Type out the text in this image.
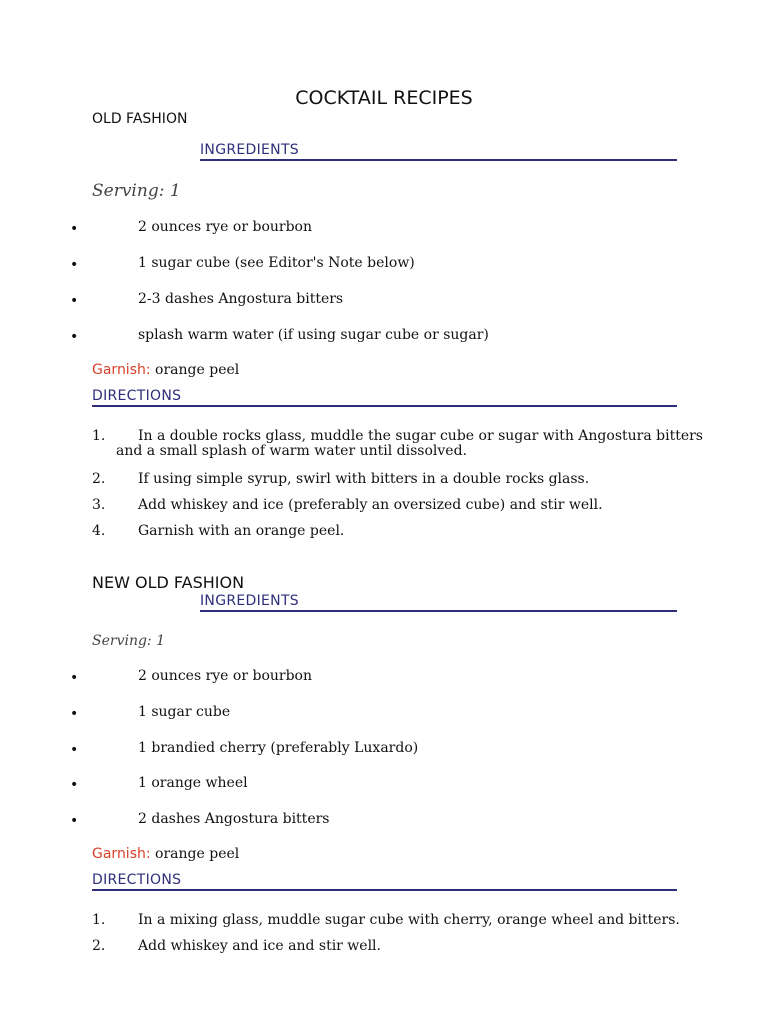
COCKTAIL RECIPES
OLD FASHION
INGREDIENTS
Serving: 1
•	2 ounces rye or bourbon
•	1 sugar cube (see Editor's Note below)
•	2-3 dashes Angostura bitters
•	splash warm water (if using sugar cube or sugar)
Garnish: orange peel
DIRECTIONS
1. In a double rocks glass, muddle the sugar cube or sugar with Angostura bitters
and a small splash of warm water until dissolved.
2. If using simple syrup, swirl with bitters in a double rocks glass.
3. Add whiskey and ice (preferably an oversized cube) and stir well.
4. Garnish with an orange peel.
NEW OLD FASHION
INGREDIENTS
Serving: 1
•	2 ounces rye or bourbon
•	1 sugar cube
•	1 brandied cherry (preferably Luxardo)
•	1 orange wheel
•	2 dashes Angostura bitters
Garnish: orange peel
DIRECTIONS
1. In a mixing glass, muddle sugar cube with cherry, orange wheel and bitters.
2. Add whiskey and ice and stir well.
